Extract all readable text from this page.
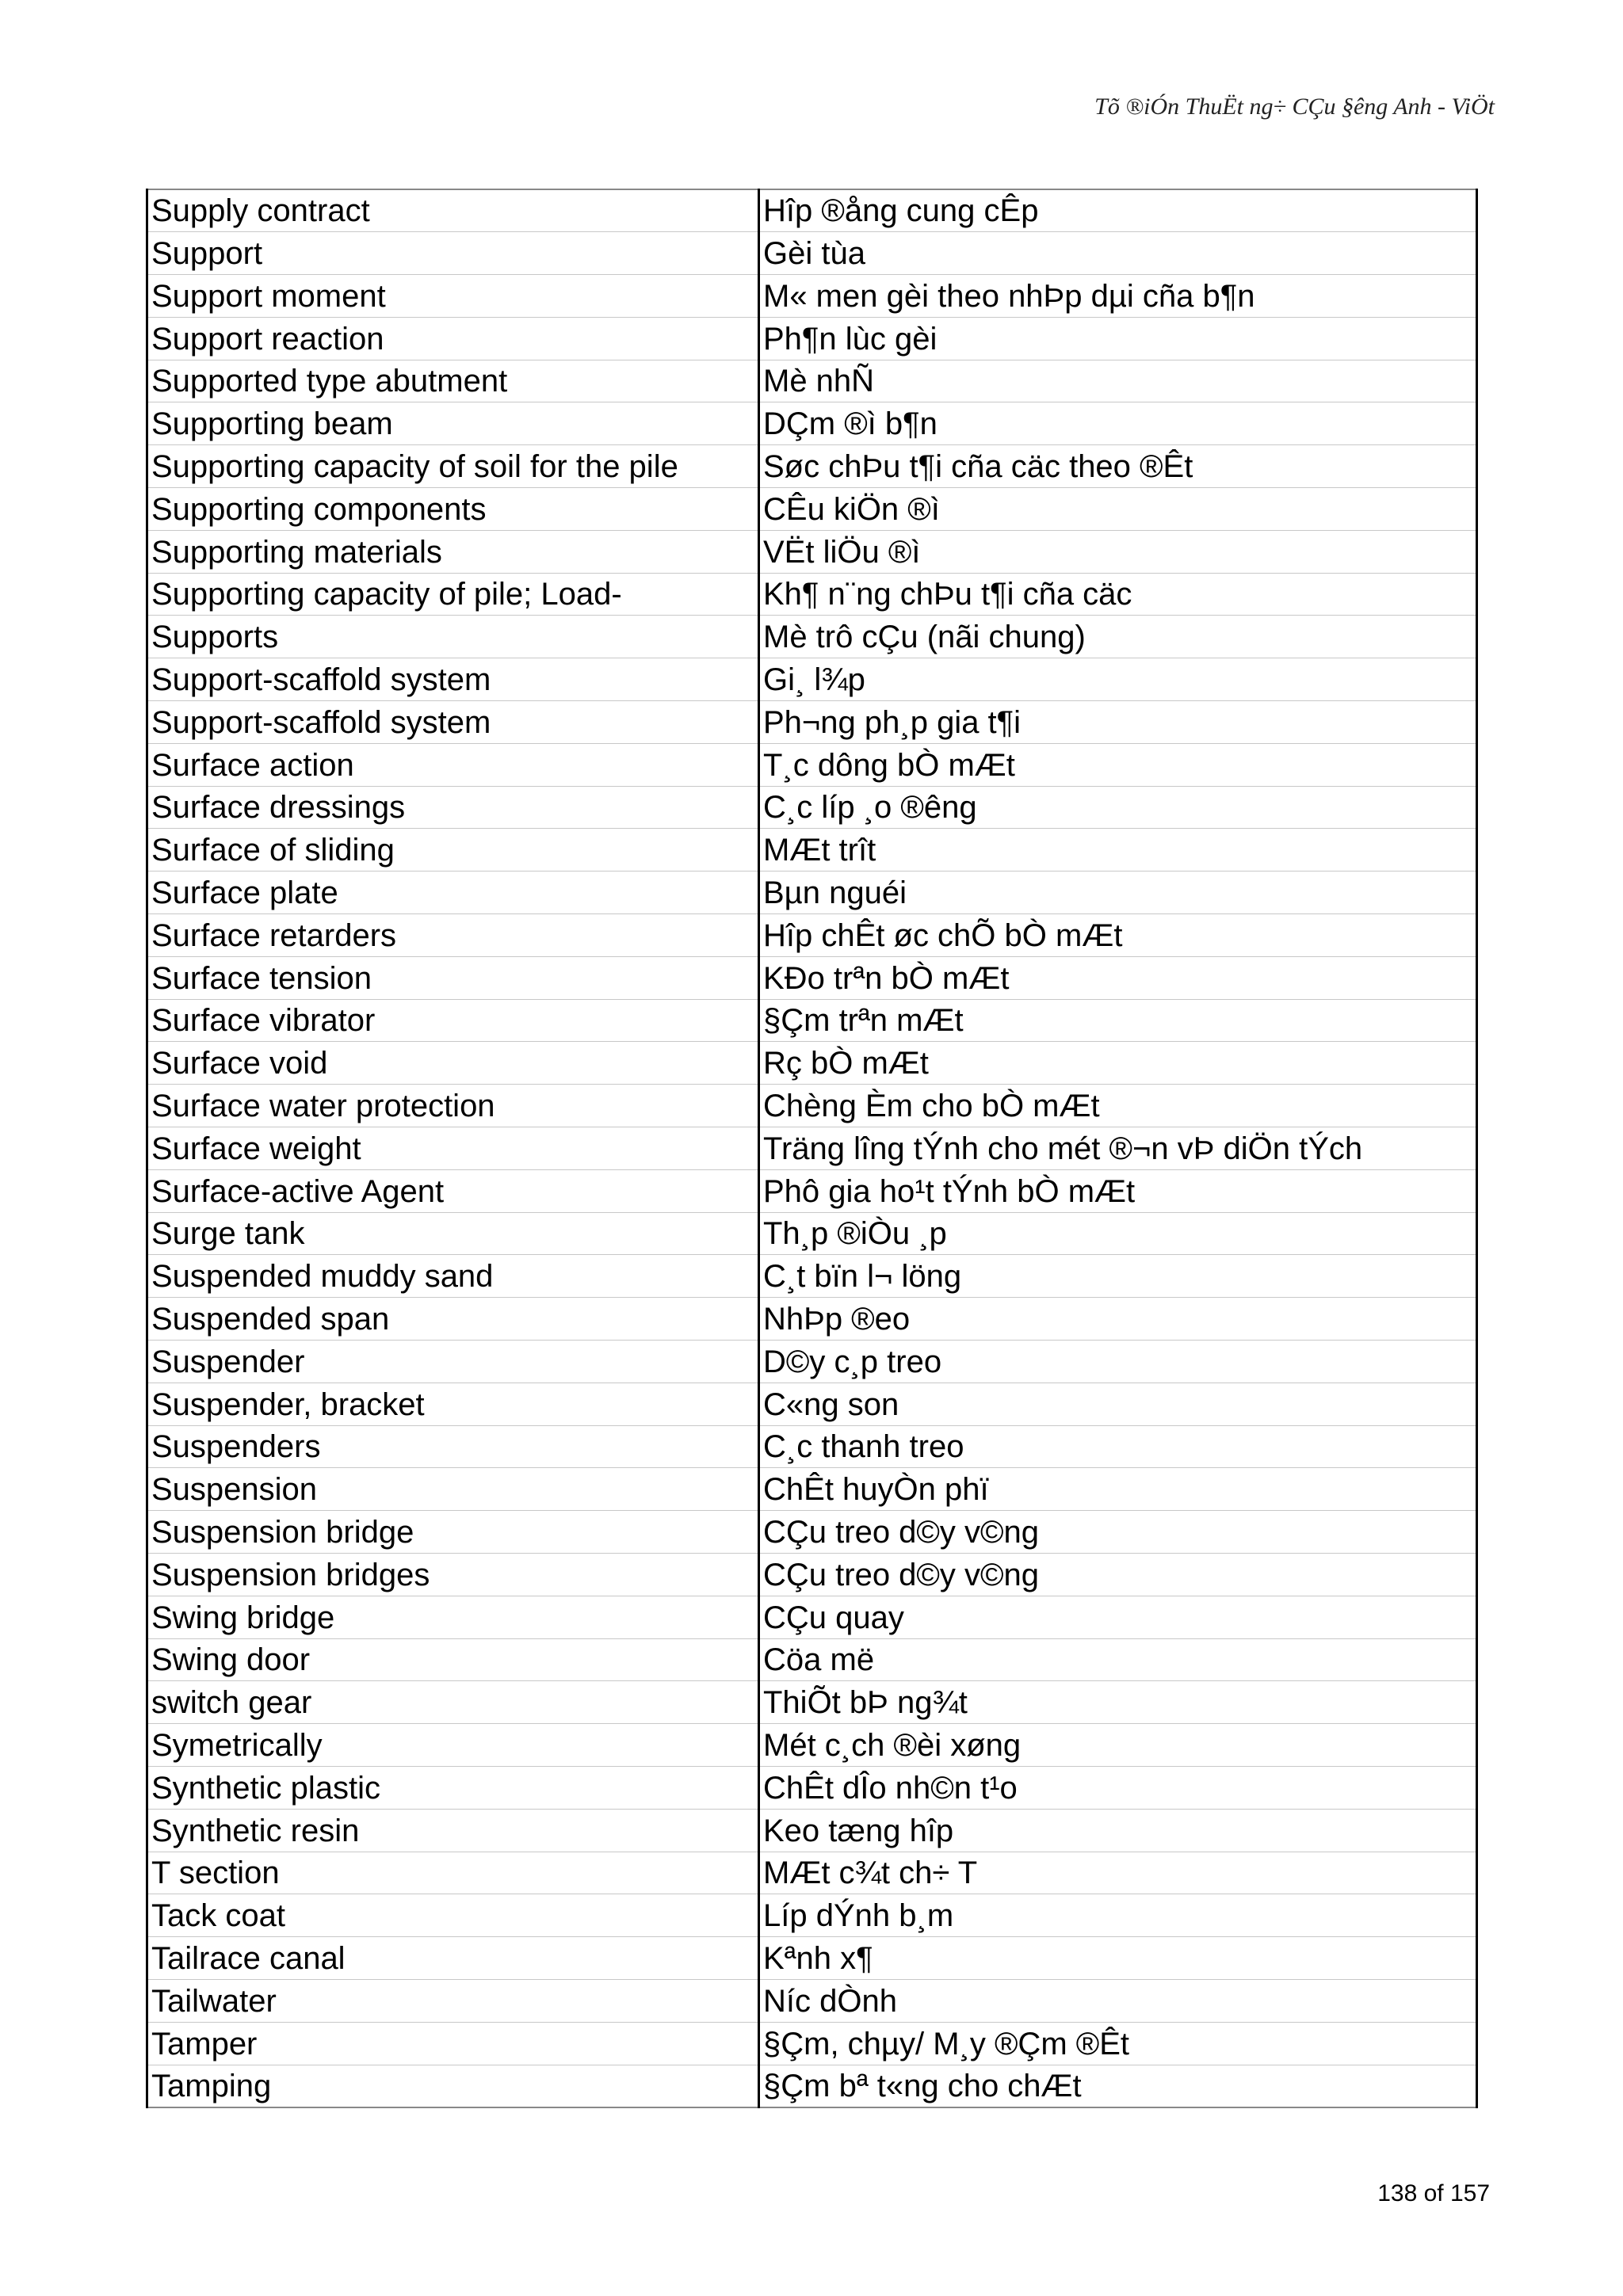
Tõ ®iÓn ThuËt ng÷ CÇu §êng Anh - ViÖt
Supply contract	Hîp ®ång cung cÊp
Support	Gèi tùa
Support moment	M« men gèi theo nhÞp dµi cña b¶n
Support reaction	Ph¶n lùc gèi
Supported type abutment	Mè nhÑ
Supporting beam	DÇm ®ì b¶n
Supporting capacity of soil for the pile	Søc chÞu t¶i cña cäc theo ®Êt
Supporting components	CÊu kiÖn ®ì
Supporting materials	VËt liÖu ®ì
Supporting capacity of pile; Load-	Kh¶ n¨ng chÞu t¶i cña cäc
Supports	Mè trô cÇu (nãi chung)
Support-scaffold system	Gi¸ l¾p
Support-scaffold system	Ph¬ng ph¸p gia t¶i
Surface action	T¸c dông bÒ mÆt
Surface dressings	C¸c líp ¸o ®êng
Surface of sliding	MÆt trît
Surface plate	Bµn nguéi
Surface retarders	Hîp chÊt øc chÕ bÒ mÆt
Surface tension	KÐo trªn bÒ mÆt
Surface vibrator	§Çm trªn mÆt
Surface void	Rç bÒ mÆt
Surface water protection	Chèng Èm cho bÒ mÆt
Surface weight	Träng lîng tÝnh cho mét ®¬n vÞ diÖn tÝch
Surface-active Agent	Phô gia ho¹t tÝnh bÒ mÆt
Surge tank	Th¸p ®iÒu ¸p
Suspended muddy sand	C¸t bïn l¬ löng
Suspended span	NhÞp ®eo
Suspender	D©y c¸p treo
Suspender, bracket	C«ng son
Suspenders	C¸c thanh treo
Suspension	ChÊt huyÒn phï
Suspension bridge	CÇu treo d©y v©ng
Suspension bridges	CÇu treo d©y v©ng
Swing bridge	CÇu quay
Swing door	Cöa më
switch gear	ThiÕt bÞ ng¾t
Symetrically	Mét c¸ch ®èi xøng
Synthetic plastic	ChÊt dÎo nh©n t¹o
Synthetic resin	Keo tæng hîp
T section	MÆt c¾t ch÷ T
Tack coat	Líp dÝnh b¸m
Tailrace canal	Kªnh x¶
Tailwater	Níc dÒnh
Tamper	§Çm, chµy/ M¸y ®Çm ®Êt
Tamping	§Çm bª t«ng cho chÆt
138 of 157
